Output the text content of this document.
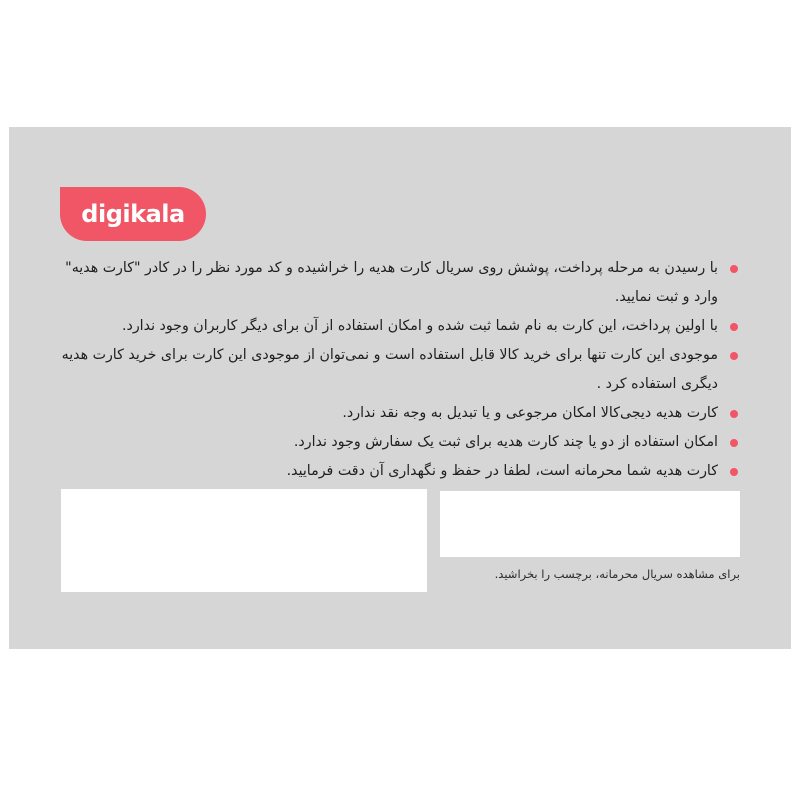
digikala
با رسیدن به مرحله پرداخت، پوشش روی سریال کارت هدیه را خراشیده و کد مورد نظر را در کادر "کارت هدیه" وارد و ثبت نمایید.
با اولین پرداخت، این کارت به نام شما ثبت شده و امکان استفاده از آن برای دیگر کاربران وجود ندارد.
موجودی این کارت تنها برای خرید کالا قابل استفاده است و نمی‌توان از موجودی این کارت برای خرید کارت هدیه دیگری استفاده کرد .
کارت هدیه دیجی‌کالا امکان مرجوعی و یا تبدیل به وجه نقد ندارد.
امکان استفاده از دو یا چند کارت هدیه برای ثبت یک سفارش وجود ندارد.
کارت هدیه شما محرمانه است، لطفا در حفظ و نگهداری آن دقت فرمایید.
برای مشاهده سریال محرمانه، برچسب را بخراشید.
